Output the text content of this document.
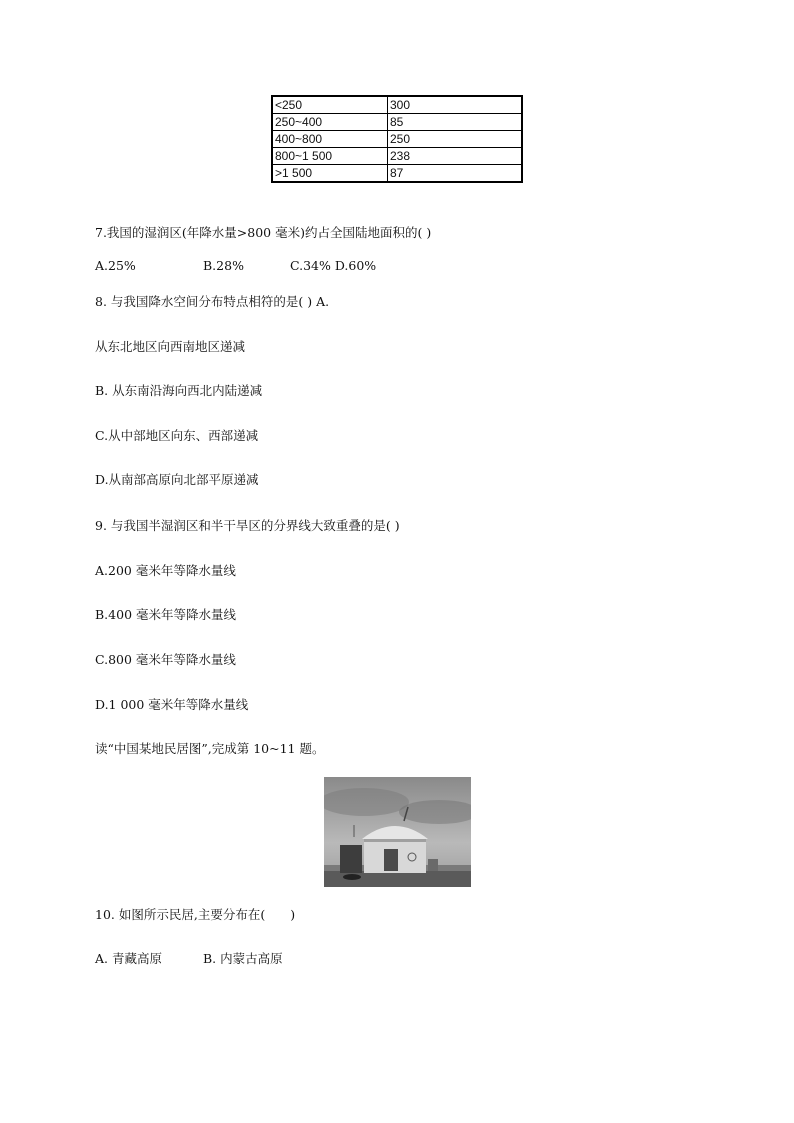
<250	300
250~400	85
400~800	250
800~1 500	238
>1 500	87
7.我国的湿润区(年降水量>800 毫米)约占全国陆地面积的( )
A.25%	B.28%	C.34% D.60%
8. 与我国降水空间分布特点相符的是( ) A.
从东北地区向西南地区递减
B. 从东南沿海向西北内陆递减
C.从中部地区向东、西部递减
D.从南部高原向北部平原递减
9. 与我国半湿润区和半干旱区的分界线大致重叠的是( )
A.200 毫米年等降水量线
B.400 毫米年等降水量线
C.800 毫米年等降水量线
D.1 000 毫米年等降水量线
读“中国某地民居图”,完成第 10~11 题。
10. 如图所示民居,主要分布在(　　)
A. 青藏高原	B. 内蒙古高原
